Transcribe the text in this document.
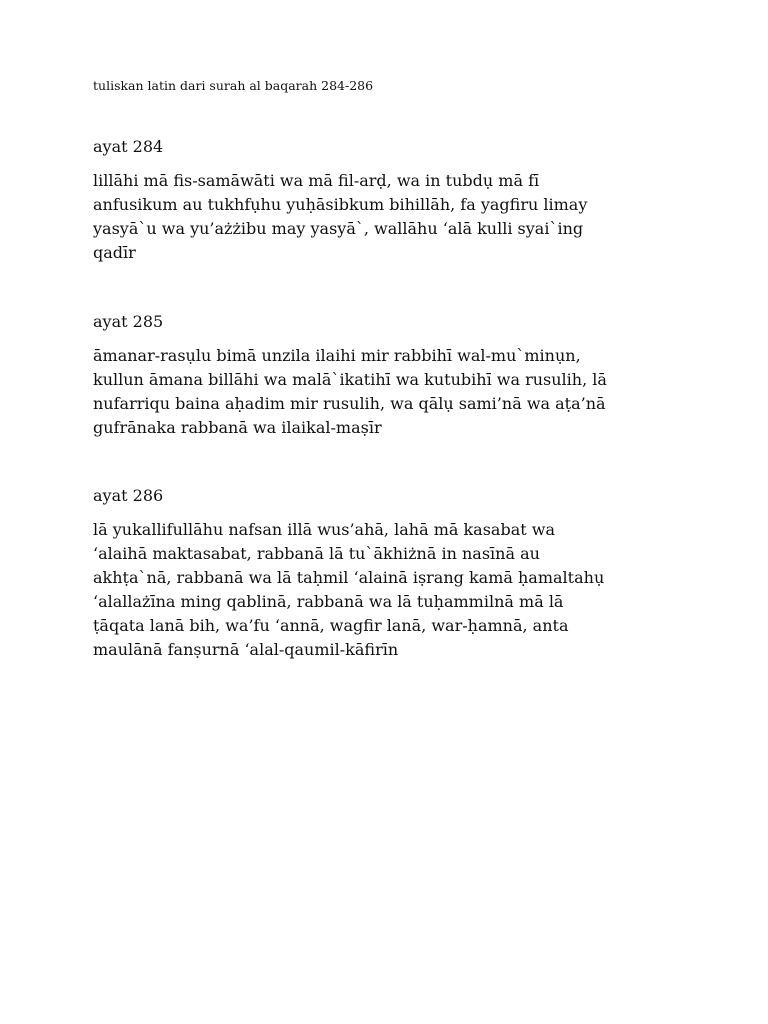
tuliskan latin dari surah al baqarah 284-286
ayat 284
lillāhi mā fis-samāwāti wa mā fil-arḍ, wa in tubdụ mā fī
anfusikum au tukhfụhu yuḥāsibkum bihillāh, fa yagfiru limay
yasyā`u wa yu’ażżibu may yasyā`, wallāhu ‘alā kulli syai`ing
qadīr
ayat 285
āmanar-rasụlu bimā unzila ilaihi mir rabbihī wal-mu`minụn,
kullun āmana billāhi wa malā`ikatihī wa kutubihī wa rusulih, lā
nufarriqu baina aḥadim mir rusulih, wa qālụ sami’nā wa aṭa’nā
gufrānaka rabbanā wa ilaikal-maṣīr
ayat 286
lā yukallifullāhu nafsan illā wus’ahā, lahā mā kasabat wa
‘alaihā maktasabat, rabbanā lā tu`ākhiżnā in nasīnā au
akhṭa`nā, rabbanā wa lā taḥmil ‘alainā iṣrang kamā ḥamaltahụ
‘alallażīna ming qablinā, rabbanā wa lā tuḥammilnā mā lā
ṭāqata lanā bih, wa’fu ‘annā, wagfir lanā, war-ḥamnā, anta
maulānā fanṣurnā ‘alal-qaumil-kāfirīn
